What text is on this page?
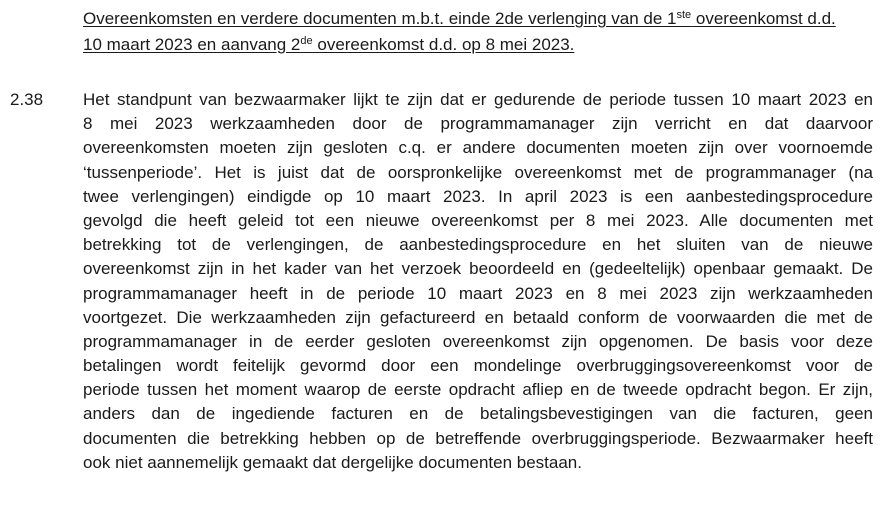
Overeenkomsten en verdere documenten m.b.t. einde 2de verlenging van de 1ste overeenkomst d.d.
10 maart 2023 en aanvang 2de overeenkomst d.d. op 8 mei 2023.
2.38 Het standpunt van bezwaarmaker lijkt te zijn dat er gedurende de periode tussen 10 maart 2023 en
8 mei 2023 werkzaamheden door de programmamanager zijn verricht en dat daarvoor
overeenkomsten moeten zijn gesloten c.q. er andere documenten moeten zijn over voornoemde
‘tussenperiode’. Het is juist dat de oorspronkelijke overeenkomst met de programmanager (na
twee verlengingen) eindigde op 10 maart 2023. In april 2023 is een aanbestedingsprocedure
gevolgd die heeft geleid tot een nieuwe overeenkomst per 8 mei 2023. Alle documenten met
betrekking tot de verlengingen, de aanbestedingsprocedure en het sluiten van de nieuwe
overeenkomst zijn in het kader van het verzoek beoordeeld en (gedeeltelijk) openbaar gemaakt. De
programmamanager heeft in de periode 10 maart 2023 en 8 mei 2023 zijn werkzaamheden
voortgezet. Die werkzaamheden zijn gefactureerd en betaald conform de voorwaarden die met de
programmamanager in de eerder gesloten overeenkomst zijn opgenomen. De basis voor deze
betalingen wordt feitelijk gevormd door een mondelinge overbruggingsovereenkomst voor de
periode tussen het moment waarop de eerste opdracht afliep en de tweede opdracht begon. Er zijn,
anders dan de ingediende facturen en de betalingsbevestigingen van die facturen, geen
documenten die betrekking hebben op de betreffende overbruggingsperiode. Bezwaarmaker heeft
ook niet aannemelijk gemaakt dat dergelijke documenten bestaan.
